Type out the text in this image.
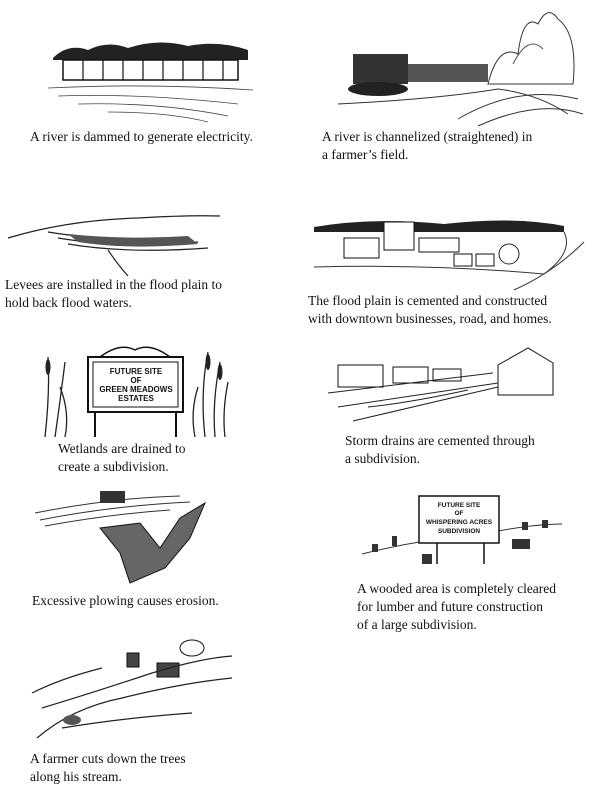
A river is dammed to generate electricity.	A river is channelized (straightened) in
a farmer’s field.
Levees are installed in the flood plain to
hold back flood waters.	The flood plain is cemented and constructed
with downtown businesses, road, and homes.
FUTURE SITE
OF
GREEN MEADOWS
ESTATES
Wetlands are drained to
create a subdivision.
Storm drains are cemented through
a subdivision.
Excessive plowing causes erosion.
FUTURE SITE
OF
WHISPERING ACRES
SUBDIVISION
A wooded area is completely cleared
for lumber and future construction
of a large subdivision.
A farmer cuts down the trees
along his stream.
